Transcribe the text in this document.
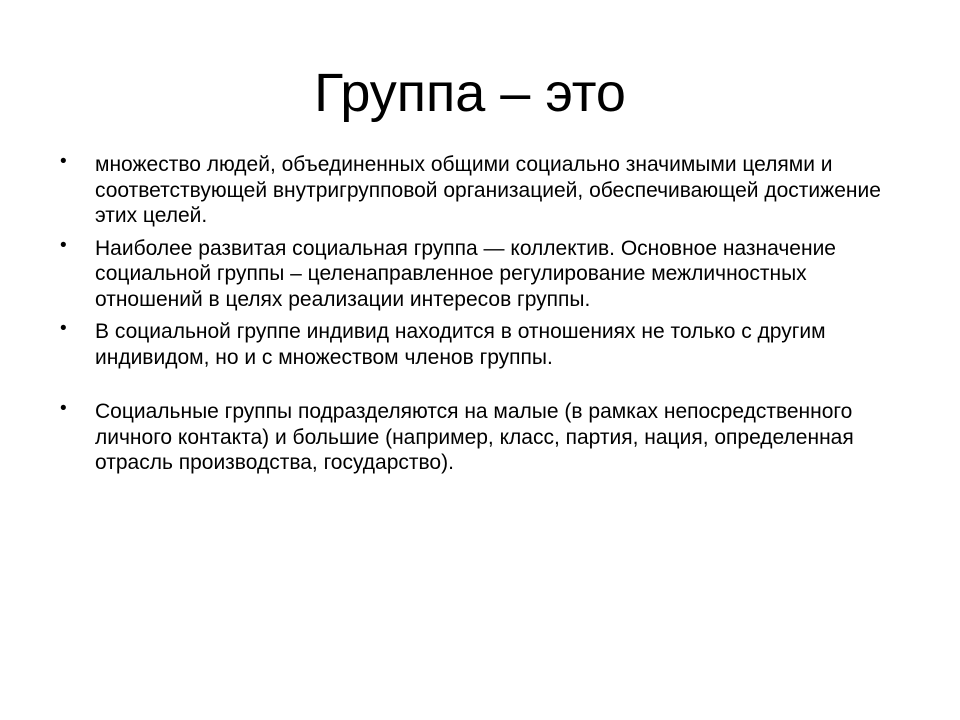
Группа – это
• множество людей, объединенных общими социально значимыми целями и соответствующей внутригрупповой организацией, обеспечивающей достижение этих целей.
• Наиболее развитая социальная группа — коллектив. Основное назначение социальной группы – целенаправленное регулирование межличностных отношений в целях реализации интересов группы.
• В социальной группе индивид находится в отношениях не только с другим индивидом, но и с множеством членов группы.
• Социальные группы подразделяются на малые (в рамках непосредственного личного контакта) и большие (например, класс, партия, нация, определенная отрасль производства, государство).
